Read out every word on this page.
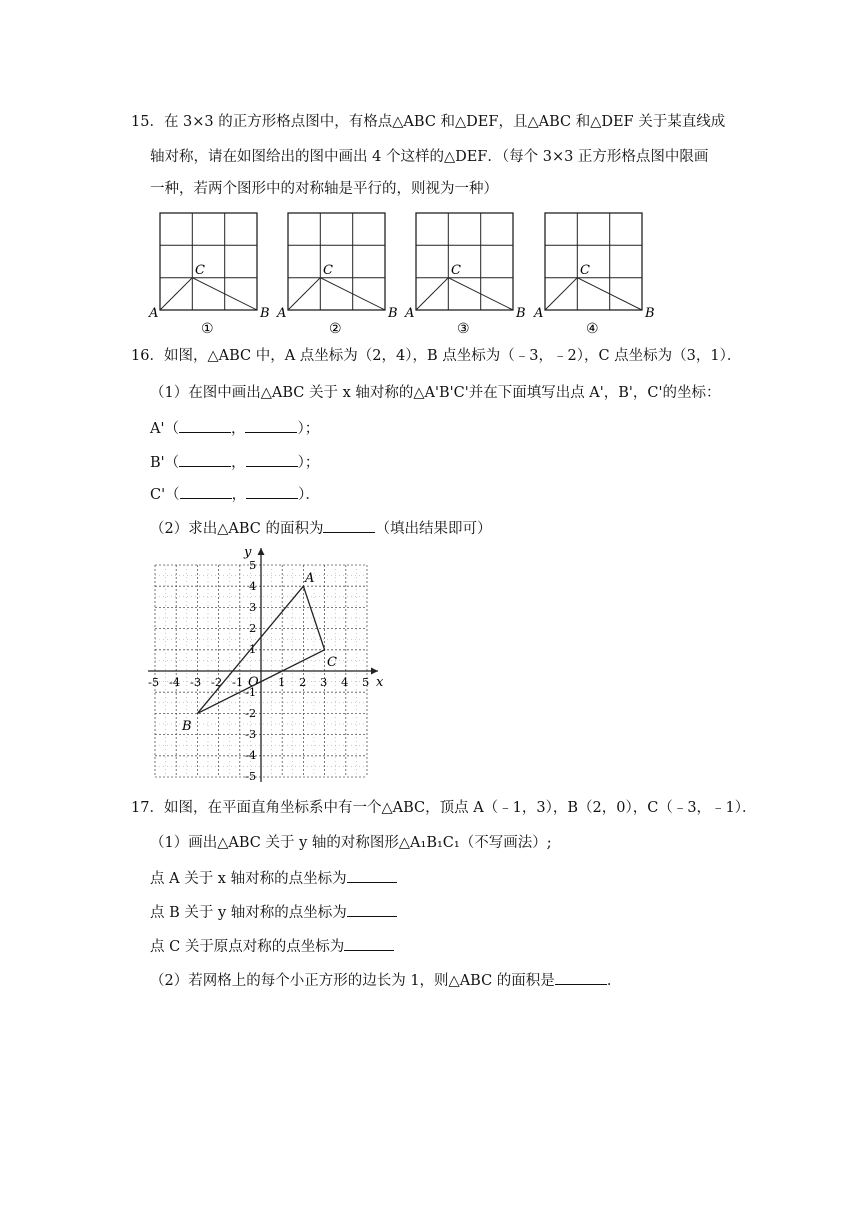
15．在 3×3 的正方形格点图中，有格点△ABC 和△DEF，且△ABC 和△DEF 关于某直线成
轴对称，请在如图给出的图中画出 4 个这样的△DEF．（每个 3×3 正方形格点图中限画
一种，若两个图形中的对称轴是平行的，则视为一种）
A	B
C
①
A	B
C
②
A	B
C
③
A	B
C
④
16．如图，△ABC 中，A 点坐标为（2，4），B 点坐标为（﹣3，﹣2），C 点坐标为（3，1）．
（1）在图中画出△ABC 关于 x 轴对称的△A'B'C'并在下面填写出点 A'，B'，C'的坐标：
A'（	，	）；
B'（	，	）；
C'（	，	）．
（2）求出△ABC 的面积为	（填出结果即可）
x
y
O
-5 -4 -3 -2 -1	1 2 3 4 5
5
4
3
2
1
-1
-2
-3
-4
-5
A
B
C
17．如图，在平面直角坐标系中有一个△ABC，顶点 A（﹣1，3），B（2，0），C（﹣3，﹣1）．
（1）画出△ABC 关于 y 轴的对称图形△A₁B₁C₁（不写画法）;
点 A 关于 x 轴对称的点坐标为
点 B 关于 y 轴对称的点坐标为
点 C 关于原点对称的点坐标为
（2）若网格上的每个小正方形的边长为 1，则△ABC 的面积是	．
